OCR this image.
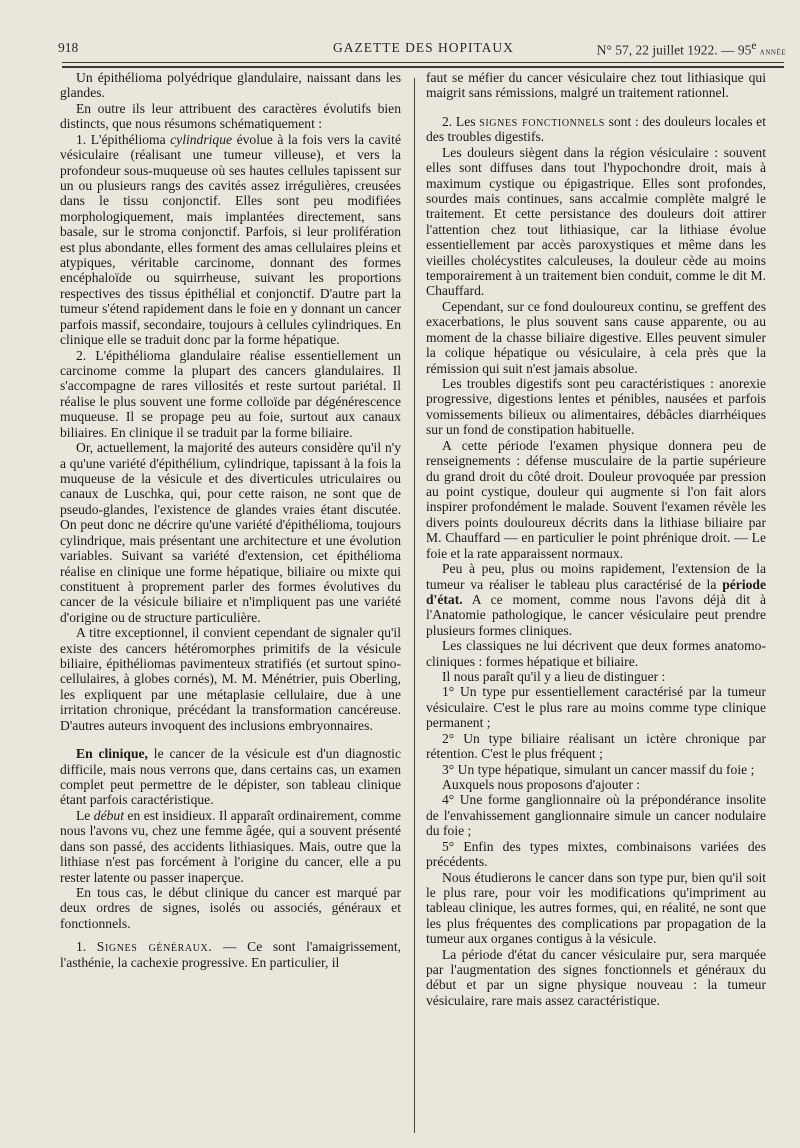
918	GAZETTE DES HOPITAUX	N° 57, 22 juillet 1922. — 95e année

Un épithélioma polyédrique glandulaire, naissant dans les glandes.

En outre ils leur attribuent des caractères évolutifs bien distincts, que nous résumons schématiquement :

1. L'épithélioma cylindrique évolue à la fois vers la cavité vésiculaire (réalisant une tumeur villeuse), et vers la profondeur sous-muqueuse où ses hautes cellules tapissent sur un ou plusieurs rangs des cavités assez irrégulières, creusées dans le tissu conjonctif. Elles sont peu modifiées morphologiquement, mais implantées directement, sans basale, sur le stroma conjonctif. Parfois, si leur prolifération est plus abondante, elles forment des amas cellulaires pleins et atypiques, véritable carcinome, donnant des formes encéphaloïde ou squirrheuse, suivant les proportions respectives des tissus épithélial et conjonctif. D'autre part la tumeur s'étend rapidement dans le foie en y donnant un cancer parfois massif, secondaire, toujours à cellules cylindriques. En clinique elle se traduit donc par la forme hépatique.

2. L'épithélioma glandulaire réalise essentiellement un carcinome comme la plupart des cancers glandulaires. Il s'accompagne de rares villosités et reste surtout pariétal. Il réalise le plus souvent une forme colloïde par dégénérescence muqueuse. Il se propage peu au foie, surtout aux canaux biliaires. En clinique il se traduit par la forme biliaire.

Or, actuellement, la majorité des auteurs considère qu'il n'y a qu'une variété d'épithélium, cylindrique, tapissant à la fois la muqueuse de la vésicule et des diverticules utriculaires ou canaux de Luschka, qui, pour cette raison, ne sont que de pseudo-glandes, l'existence de glandes vraies étant discutée. On peut donc ne décrire qu'une variété d'épithélioma, toujours cylindrique, mais présentant une architecture et une évolution variables. Suivant sa variété d'extension, cet épithélioma réalise en clinique une forme hépatique, biliaire ou mixte qui constituent à proprement parler des formes évolutives du cancer de la vésicule biliaire et n'impliquent pas une variété d'origine ou de structure particulière.

A titre exceptionnel, il convient cependant de signaler qu'il existe des cancers hétéromorphes primitifs de la vésicule biliaire, épithéliomas pavimenteux stratifiés (et surtout spino-cellulaires, à globes cornés), M. M. Ménétrier, puis Oberling, les expliquent par une métaplasie cellulaire, due à une irritation chronique, précédant la transformation cancéreuse. D'autres auteurs invoquent des inclusions embryonnaires.

En clinique, le cancer de la vésicule est d'un diagnostic difficile, mais nous verrons que, dans certains cas, un examen complet peut permettre de le dépister, son tableau clinique étant parfois caractéristique.

Le début en est insidieux. Il apparaît ordinairement, comme nous l'avons vu, chez une femme âgée, qui a souvent présenté dans son passé, des accidents lithiasiques. Mais, outre que la lithiase n'est pas forcément à l'origine du cancer, elle a pu rester latente ou passer inaperçue.

En tous cas, le début clinique du cancer est marqué par deux ordres de signes, isolés ou associés, généraux et fonctionnels.

1. Signes généraux. — Ce sont l'amaigrissement, l'asthénie, la cachexie progressive. En particulier, il

faut se méfier du cancer vésiculaire chez tout lithiasique qui maigrit sans rémissions, malgré un traitement rationnel.

2. Les signes fonctionnels sont : des douleurs locales et des troubles digestifs.

Les douleurs siègent dans la région vésiculaire : souvent elles sont diffuses dans tout l'hypochondre droit, mais à maximum cystique ou épigastrique. Elles sont profondes, sourdes mais continues, sans accalmie complète malgré le traitement. Et cette persistance des douleurs doit attirer l'attention chez tout lithiasique, car la lithiase évolue essentiellement par accès paroxystiques et même dans les vieilles cholécystites calculeuses, la douleur cède au moins temporairement à un traitement bien conduit, comme le dit M. Chauffard.

Cependant, sur ce fond douloureux continu, se greffent des exacerbations, le plus souvent sans cause apparente, ou au moment de la chasse biliaire digestive. Elles peuvent simuler la colique hépatique ou vésiculaire, à cela près que la rémission qui suit n'est jamais absolue.

Les troubles digestifs sont peu caractéristiques : anorexie progressive, digestions lentes et pénibles, nausées et parfois vomissements bilieux ou alimentaires, débâcles diarrhéiques sur un fond de constipation habituelle.

A cette période l'examen physique donnera peu de renseignements : défense musculaire de la partie supérieure du grand droit du côté droit. Douleur provoquée par pression au point cystique, douleur qui augmente si l'on fait alors inspirer profondément le malade. Souvent l'examen révèle les divers points douloureux décrits dans la lithiase biliaire par M. Chauffard — en particulier le point phrénique droit. — Le foie et la rate apparaissent normaux.

Peu à peu, plus ou moins rapidement, l'extension de la tumeur va réaliser le tableau plus caractérisé de la période d'état. A ce moment, comme nous l'avons déjà dit à l'Anatomie pathologique, le cancer vésiculaire peut prendre plusieurs formes cliniques.

Les classiques ne lui décrivent que deux formes anatomo-cliniques : formes hépatique et biliaire.

Il nous paraît qu'il y a lieu de distinguer :

1° Un type pur essentiellement caractérisé par la tumeur vésiculaire. C'est le plus rare au moins comme type clinique permanent ;

2° Un type biliaire réalisant un ictère chronique par rétention. C'est le plus fréquent ;

3° Un type hépatique, simulant un cancer massif du foie ;

Auxquels nous proposons d'ajouter :

4° Une forme ganglionnaire où la prépondérance insolite de l'envahissement ganglionnaire simule un cancer nodulaire du foie ;

5° Enfin des types mixtes, combinaisons variées des précédents.

Nous étudierons le cancer dans son type pur, bien qu'il soit le plus rare, pour voir les modifications qu'impriment au tableau clinique, les autres formes, qui, en réalité, ne sont que les plus fréquentes des complications par propagation de la tumeur aux organes contigus à la vésicule.

La période d'état du cancer vésiculaire pur, sera marquée par l'augmentation des signes fonctionnels et généraux du début et par un signe physique nouveau : la tumeur vésiculaire, rare mais assez caractéristique.
